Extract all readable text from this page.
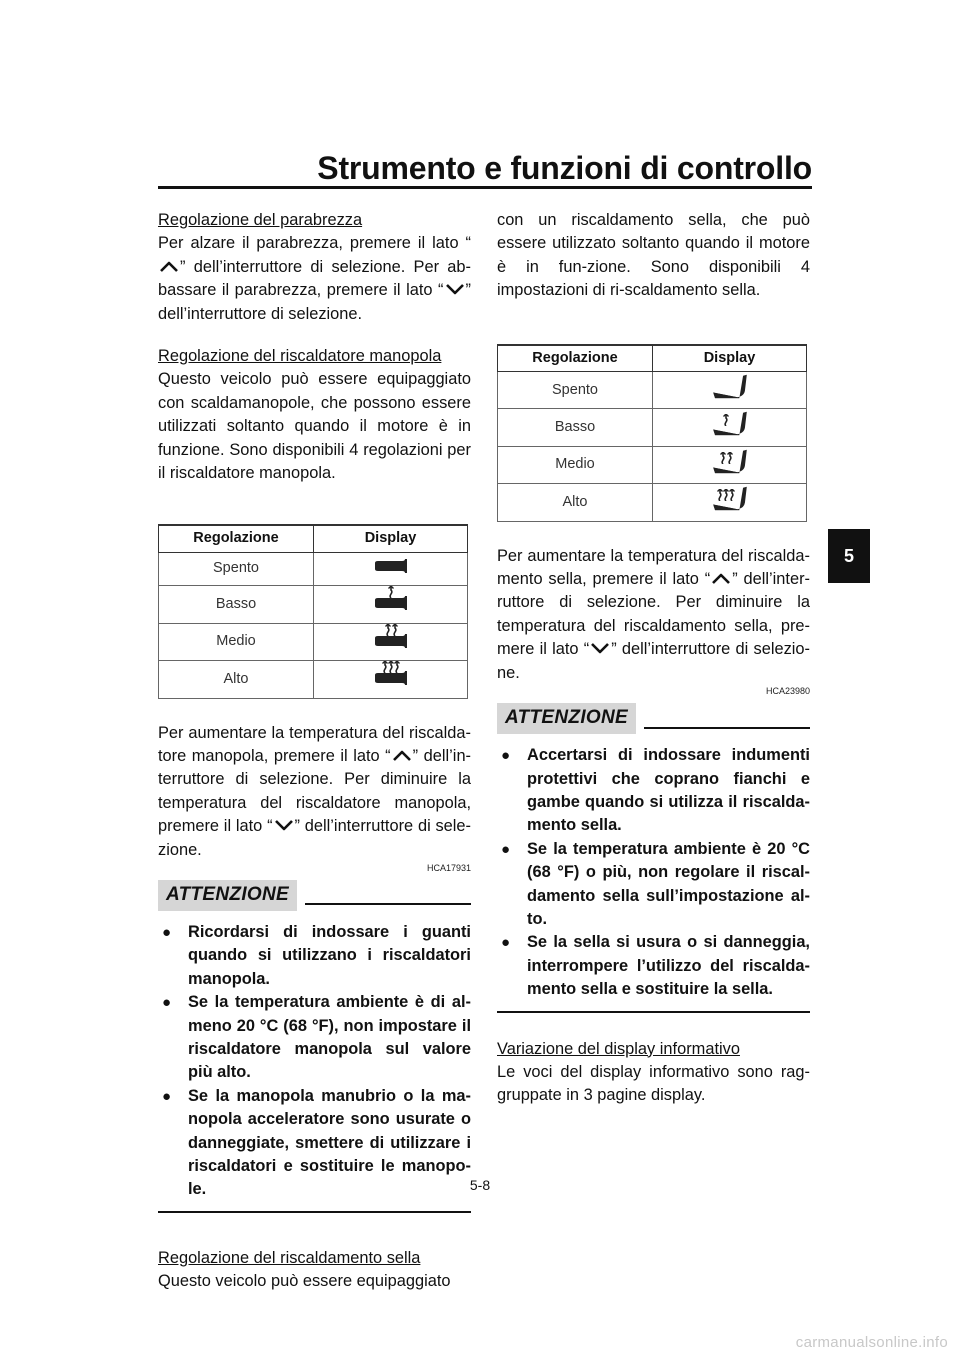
Strumento e funzioni di controllo
5

Regolazione del parabrezza

Per alzare il parabrezza, premere il lato “” dell’interruttore di selezione. Per ab- bassare il parabrezza, premere il lato “ ” dell’interruttore di selezione.

Regolazione del riscaldatore manopola

Questo veicolo può essere equipaggiato con scaldamanopole, che possono essere utilizzati soltanto quando il motore è in funzione. Sono disponibili 4 regolazioni per il riscaldatore manopola.

Regolazione	Display
Spento	
Basso	
Medio	
Alto	

Per aumentare la temperatura del riscalda-tore manopola, premere il lato “ ” dell’in-terruttore di selezione. Per diminuire la temperatura del riscaldatore manopola, premere il lato “ ” dell’interruttore di sele-zione.

HCA17931
ATTENZIONE
● Ricordarsi di indossare i guanti quando si utilizzano i riscaldatori manopola.
● Se la temperatura ambiente è di al-meno 20 °C (68 °F), non impostare il riscaldatore manopola sul valore più alto.
● Se la manopola manubrio o la ma-nopola acceleratore sono usurate o danneggiate, smettere di utilizzare i riscaldatori e sostituire le manopo-le.

Regolazione del riscaldamento sella

Questo veicolo può essere equipaggiato

con un riscaldamento sella, che può essere utilizzato soltanto quando il motore è in fun-zione. Sono disponibili 4 impostazioni di ri-scaldamento sella.

Regolazione	Display
Spento	
Basso	
Medio	
Alto	

Per aumentare la temperatura del riscalda-mento sella, premere il lato “ ” dell’inter-ruttore di selezione. Per diminuire la temperatura del riscaldamento sella, pre-mere il lato “ ” dell’interruttore di selezio-ne.

HCA23980
ATTENZIONE
● Accertarsi di indossare indumenti protettivi che coprano fianchi e gambe quando si utilizza il riscalda-mento sella.
● Se la temperatura ambiente è 20 °C (68 °F) o più, non regolare il riscal-damento sella sull’impostazione al-to.
● Se la sella si usura o si danneggia, interrompere l’utilizzo del riscalda-mento sella e sostituire la sella.

Variazione del display informativo

Le voci del display informativo sono rag-gruppate in 3 pagine display.

5-8
carmanualsonline.info
